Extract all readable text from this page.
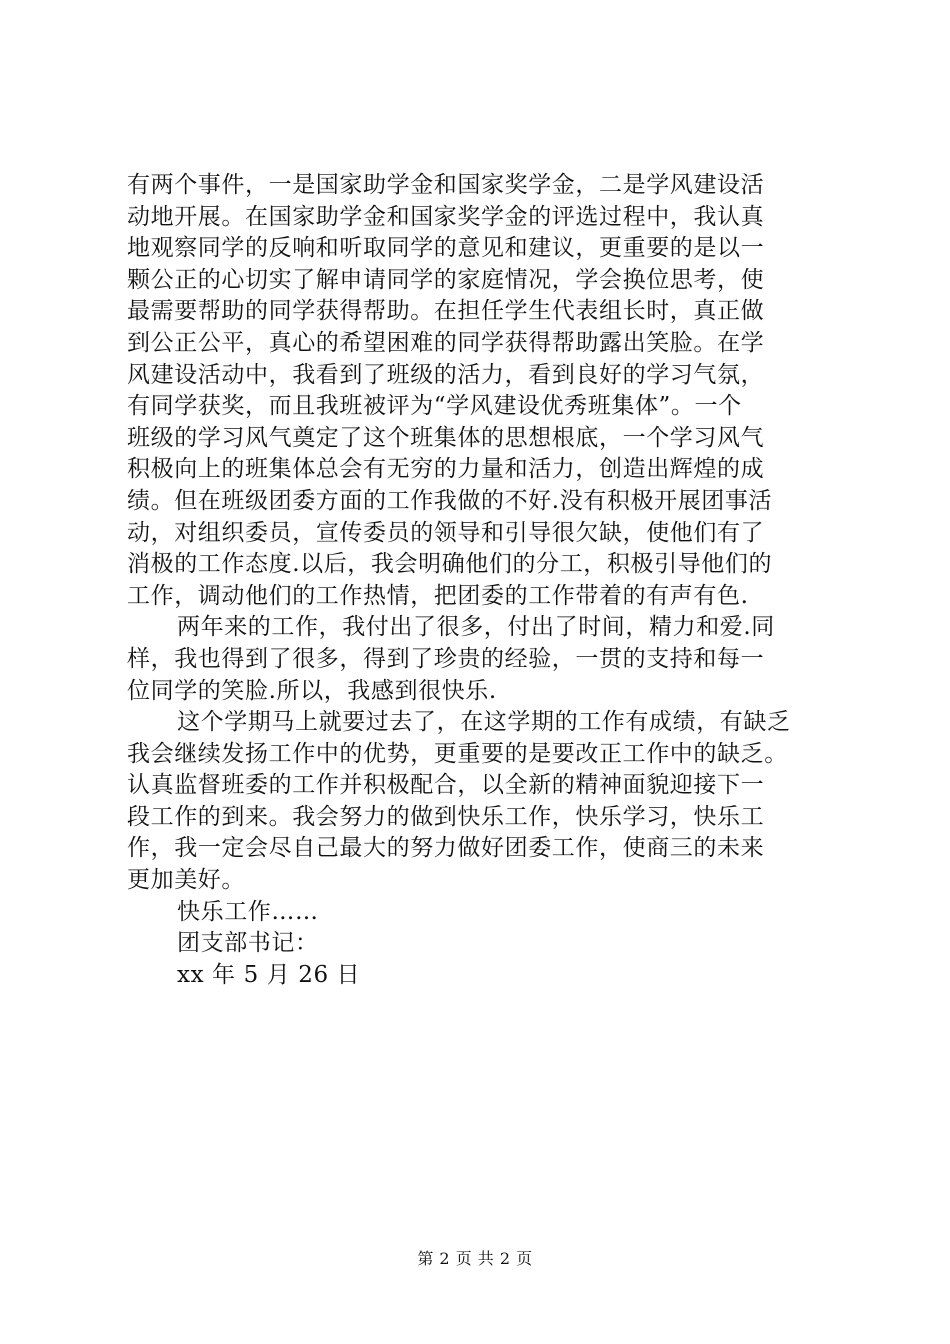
有两个事件，一是国家助学金和国家奖学金，二是学风建设活
动地开展。在国家助学金和国家奖学金的评选过程中，我认真
地观察同学的反响和听取同学的意见和建议，更重要的是以一
颗公正的心切实了解申请同学的家庭情况，学会换位思考，使
最需要帮助的同学获得帮助。在担任学生代表组长时，真正做
到公正公平，真心的希望困难的同学获得帮助露出笑脸。在学
风建设活动中，我看到了班级的活力，看到良好的学习气氛，
有同学获奖，而且我班被评为“学风建设优秀班集体”。一个
班级的学习风气奠定了这个班集体的思想根底，一个学习风气
积极向上的班集体总会有无穷的力量和活力，创造出辉煌的成
绩。但在班级团委方面的工作我做的不好.没有积极开展团事活
动，对组织委员，宣传委员的领导和引导很欠缺，使他们有了
消极的工作态度.以后，我会明确他们的分工，积极引导他们的
工作，调动他们的工作热情，把团委的工作带着的有声有色.
两年来的工作，我付出了很多，付出了时间，精力和爱.同
样，我也得到了很多，得到了珍贵的经验，一贯的支持和每一
位同学的笑脸.所以，我感到很快乐.
这个学期马上就要过去了，在这学期的工作有成绩，有缺乏
我会继续发扬工作中的优势，更重要的是要改正工作中的缺乏。
认真监督班委的工作并积极配合，以全新的精神面貌迎接下一
段工作的到来。我会努力的做到快乐工作，快乐学习，快乐工
作，我一定会尽自己最大的努力做好团委工作，使商三的未来
更加美好。
快乐工作……
团支部书记：
xx 年 5 月 26 日
第 2 页 共 2 页
